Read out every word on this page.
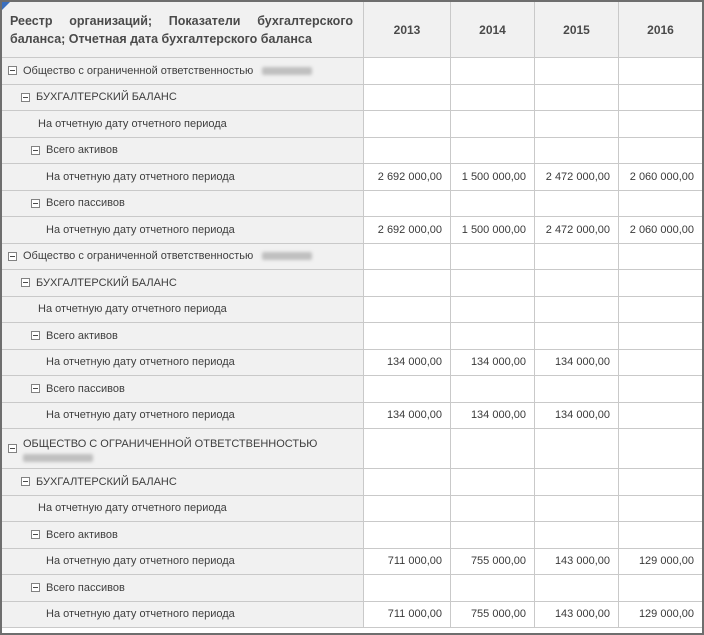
Реестр организаций; Показатели бухгалтерского баланса; Отчетная дата бухгалтерского баланса
2013	2014	2015	2016
Общество с ограниченной ответственностью
БУХГАЛТЕРСКИЙ БАЛАНС
На отчетную дату отчетного периода
Всего активов
На отчетную дату отчетного периода	2 692 000,00	1 500 000,00	2 472 000,00	2 060 000,00
Всего пассивов
На отчетную дату отчетного периода	2 692 000,00	1 500 000,00	2 472 000,00	2 060 000,00
Общество с ограниченной ответственностью
БУХГАЛТЕРСКИЙ БАЛАНС
На отчетную дату отчетного периода
Всего активов
На отчетную дату отчетного периода	134 000,00	134 000,00	134 000,00
Всего пассивов
На отчетную дату отчетного периода	134 000,00	134 000,00	134 000,00
ОБЩЕСТВО С ОГРАНИЧЕННОЙ ОТВЕТСТВЕННОСТЬЮ
БУХГАЛТЕРСКИЙ БАЛАНС
На отчетную дату отчетного периода
Всего активов
На отчетную дату отчетного периода	711 000,00	755 000,00	143 000,00	129 000,00
Всего пассивов
На отчетную дату отчетного периода	711 000,00	755 000,00	143 000,00	129 000,00
